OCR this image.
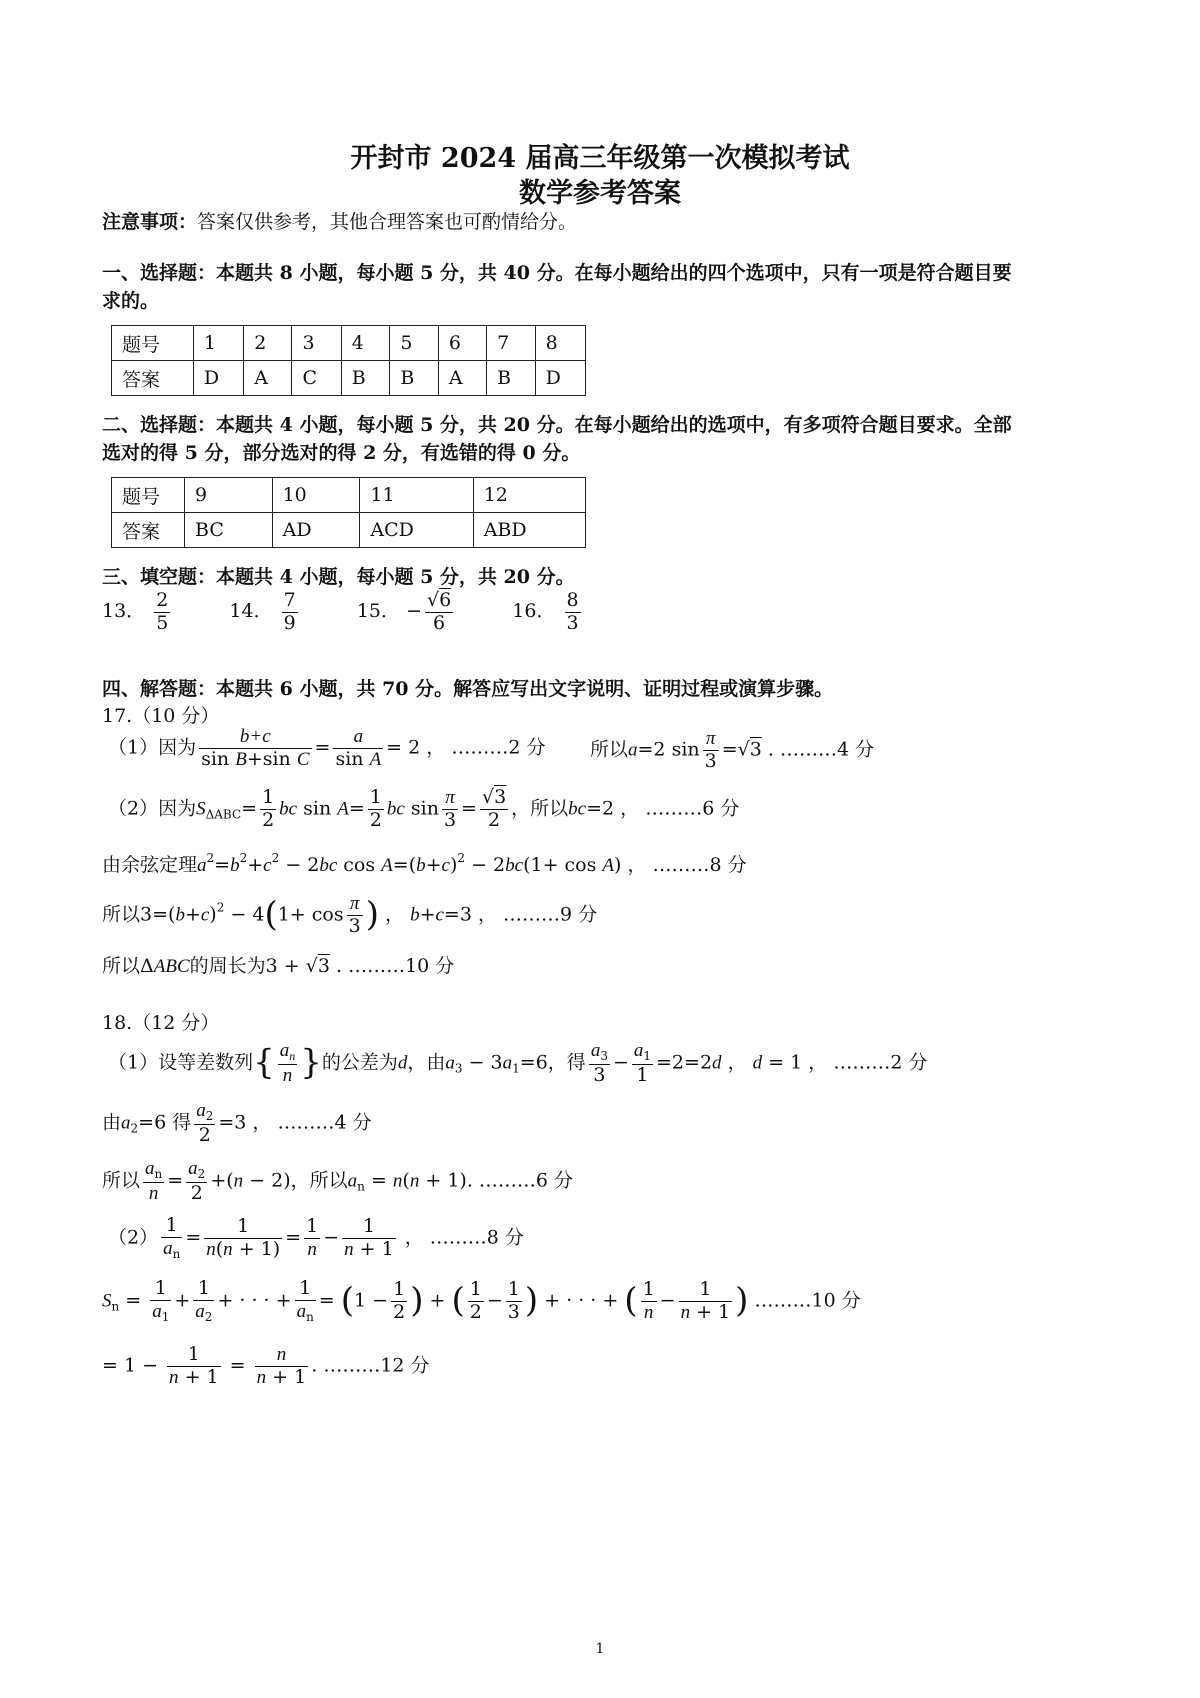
开封市 2024 届高三年级第一次模拟考试
数学参考答案
注意事项：答案仅供参考，其他合理答案也可酌情给分。
一、选择题：本题共 8 小题，每小题 5 分，共 40 分。在每小题给出的四个选项中，只有一项是符合题目要
求的。
题号	1	2	3	4	5	6	7	8
答案	D	A	C	B	B	A	B	D
二、选择题：本题共 4 小题，每小题 5 分，共 20 分。在每小题给出的选项中，有多项符合题目要求。全部
选对的得 5 分，部分选对的得 2 分，有选错的得 0 分。
题号	9	10	11	12
答案	BC	AD	ACD	ABD
三、填空题：本题共 4 小题，每小题 5 分，共 20 分。
13． $\frac{2}{5}$	14． $\frac{7}{9}$	15． − $\frac{√6}{6}$	16． $\frac{8}{3}$
四、解答题：本题共 6 小题，共 70 分。解答应写出文字说明、证明过程或演算步骤。
17.（10 分）
（1）因为 $\frac{b+c}{\text{sin B+sin C}} = \frac{a}{\text{sin A}} = 2$ ， ………2 分 所以a=2 $\sin \frac{\pi}{3} =√3$ . ………4 分
（2）因为$S_{\Delta ABC}= \frac{1}{2}$ bc $\sin A= \frac{1}{2}$ bc $\sin \frac{\pi}{3} = \frac{√3}{2}$ ，所以bc=2 ， ………6 分
由余弦定理$a^2=b^2+c^2 - 2bc$ $\cos A=(b+c)^2 - 2bc(1+ \cos A)$ ， ………8 分
所以$3=(b+c)^2 - 4(1+ \cos \frac{\pi}{3}$ ) ， b+c=3 ， ………9 分
所以ΔABC的周长为3 + √3 . ………10 分
18.（12 分）
（1）设等差数列{ $\frac{a_n}{n}$ }的公差为d，由$a_3 - 3a_1=6$，得 $\frac{a_3}{3} - \frac{a_1}{1} =2=2d$ ， d = 1 ， ………2 分
由$a_2=6$ 得 $\frac{a_2}{2} =3$ ， ………4 分
所以 $\frac{a_n}{n} = \frac{a_2}{2} +(n - 2)$，所以$a_n = n(n + 1)$. ………6 分
$(2) \frac{1}{a_n} = \frac{1}{n(n + 1)} = \frac{1}{n} - \frac{1}{n + 1}$ ， ………8 分
$S_n = \frac{1}{a_1} + \frac{1}{a_2}$ + · · · + $\frac{1}{a_n} = (1 - \frac{1}{2}$ ) + ( $\frac{1}{2} - \frac{1}{3}$ ) + · · · + ( $\frac{1}{n} - \frac{1}{n + 1}$ ) ………10 分
= $1 - \frac{1}{n + 1} = \frac{n}{n + 1}$ . ………12 分
1
